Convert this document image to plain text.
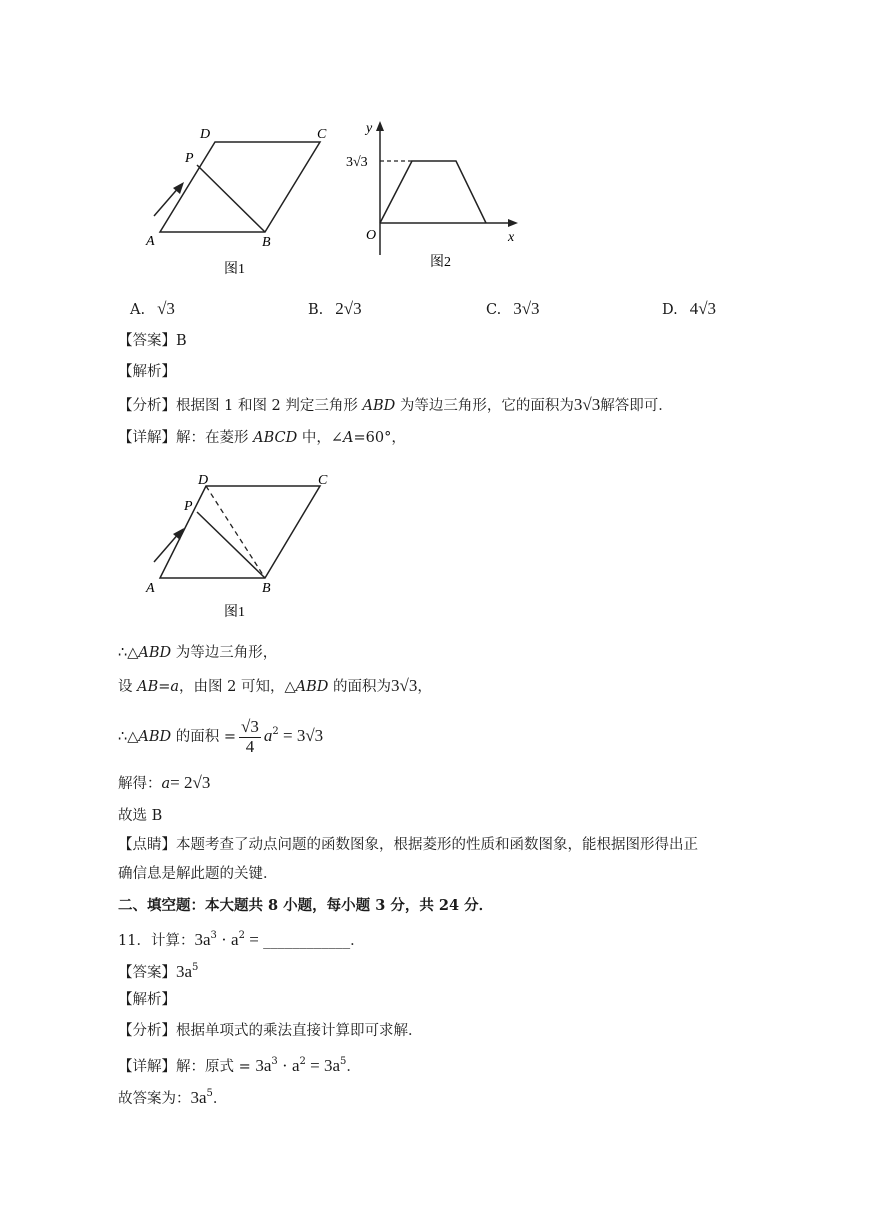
A	B
C
D
P
图1
y
x
O
3√3
图2
A. √3	B. 2√3	C. 3√3	D. 4√3
【答案】B
【解析】
【分析】根据图 1 和图 2 判定三角形 ABD 为等边三角形，它的面积为3√3解答即可．
【详解】解：在菱形 ABCD 中，∠A=60°，
A	B
C
D
P
图1
∴△ABD 为等边三角形，
设 AB=a，由图 2 可知，△ABD 的面积为3√3，
∴△ABD 的面积 = $\frac{√3}{4} a^2 = 3√3$
解得：a= 2√3
故选 B
【点睛】本题考查了动点问题的函数图象，根据菱形的性质和函数图象，能根据图形得出正
确信息是解此题的关键．
二、填空题：本大题共 8 小题，每小题 3 分，共 24 分．
11．计算：$3a^3 \cdot a^2$ = ____________．
【答案】$3a^5$
【解析】
【分析】根据单项式的乘法直接计算即可求解．
【详解】解：原式 = $3a^3 \cdot a^2 = 3a^5$．
故答案为：$3a^5$．
